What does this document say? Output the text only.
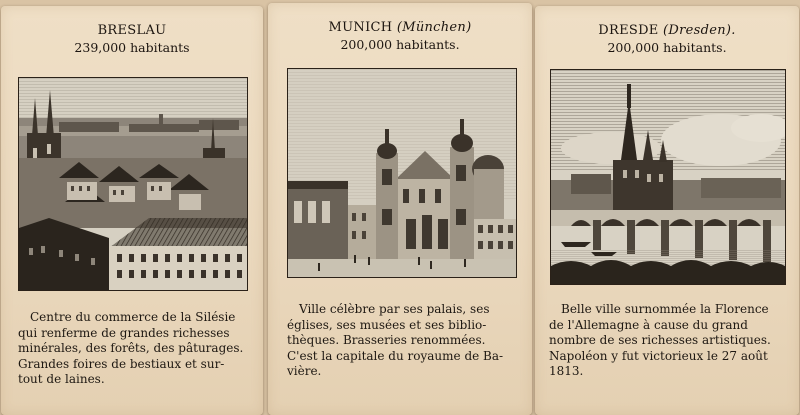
BRESLAU
239,000 habitants
Centre du commerce de la Silésie
qui renferme de grandes richesses
minérales, des forêts, des pâturages.
Grandes foires de bestiaux et sur-
tout de laines.
MUNICH (München)
200,000 habitants.
Ville célèbre par ses palais, ses
églises, ses musées et ses biblio-
thèques. Brasseries renommées.
C'est la capitale du royaume de Ba-
vière.
DRESDE (Dresden).
200,000 habitants.
Belle ville surnommée la Florence
de l'Allemagne à cause du grand
nombre de ses richesses artistiques.
Napoléon y fut victorieux le 27 août
1813.
